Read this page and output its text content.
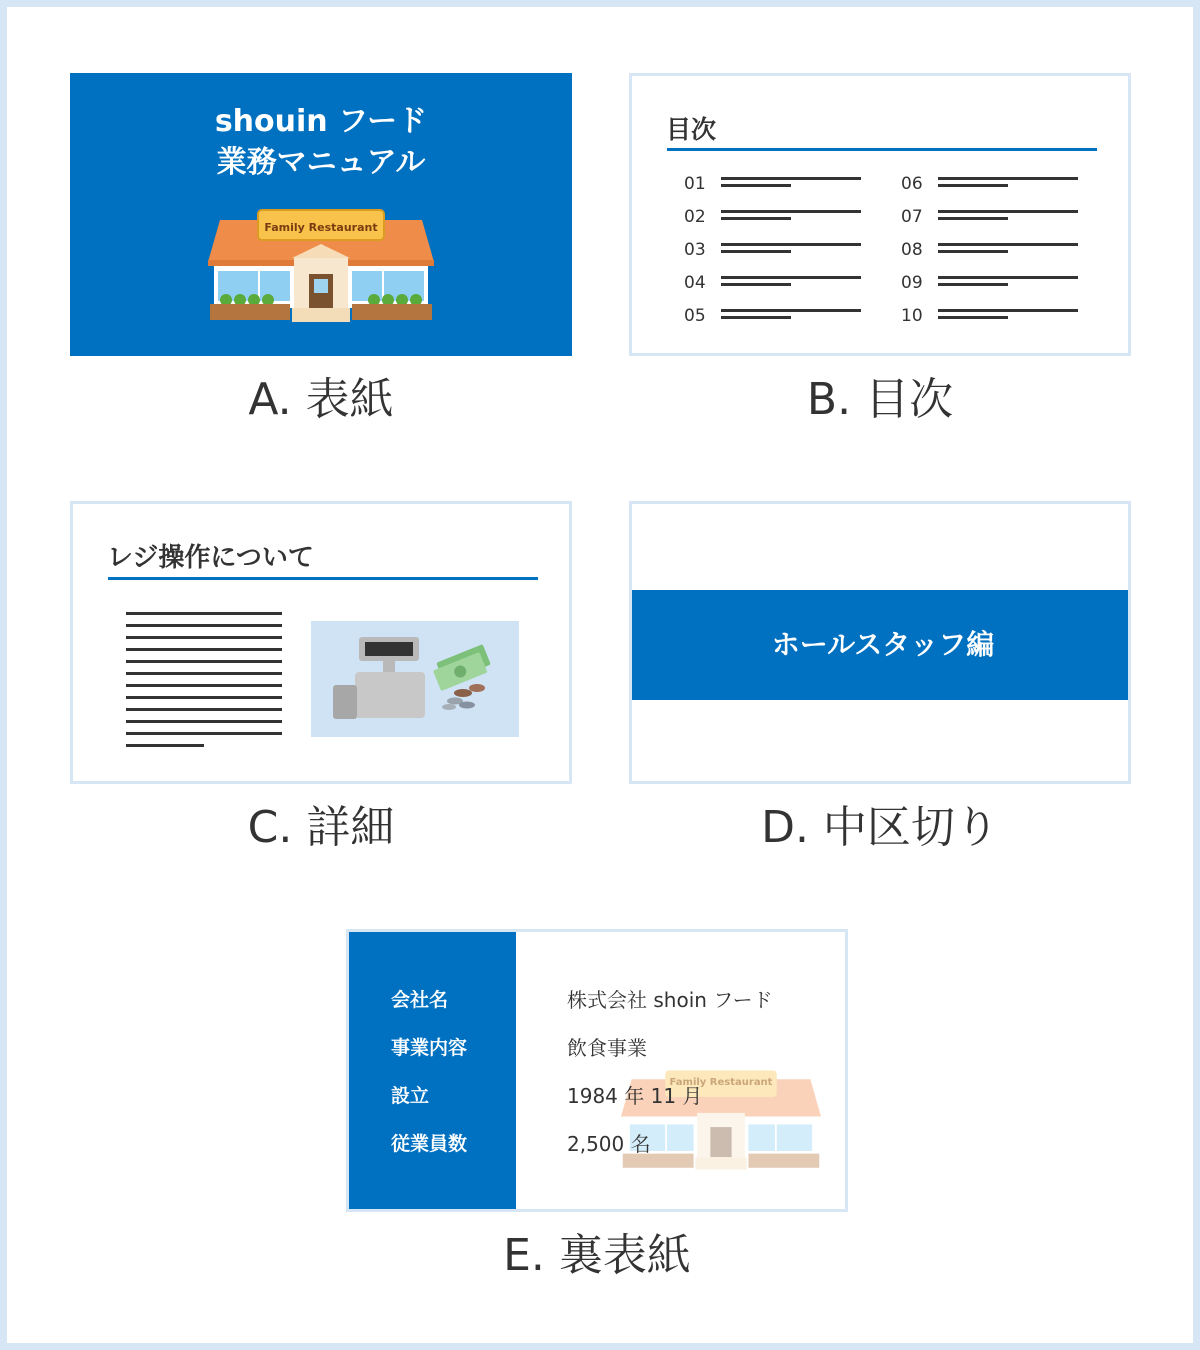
shouin フード
業務マニュアル
Family Restaurant
A. 表紙
目次
01
02
03
04
05
06
07
08
09
10
B. 目次
レジ操作について
C. 詳細
ホールスタッフ編
D. 中区切り
Family Restaurant
会社名	株式会社 shoin フード
事業内容	飲食事業
設立	1984 年 11 月
従業員数	2,500 名
E. 裏表紙
